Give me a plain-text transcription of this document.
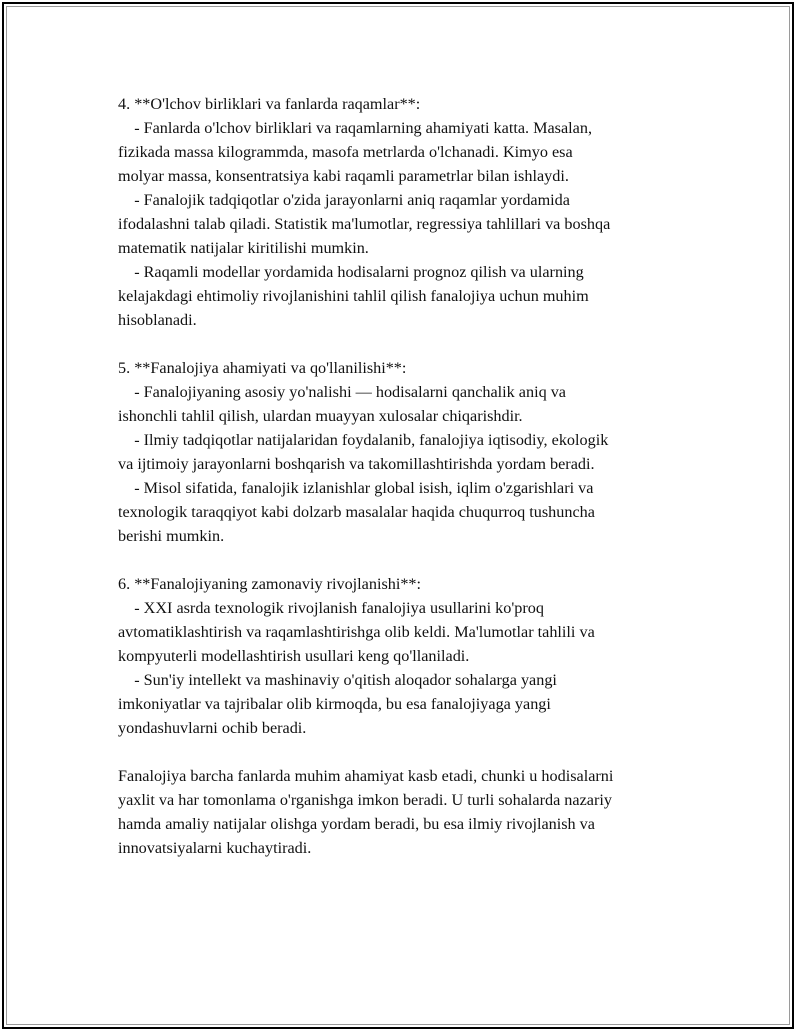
4. **O'lchov birliklari va fanlarda raqamlar**:
- Fanlarda o'lchov birliklari va raqamlarning ahamiyati katta. Masalan,
fizikada massa kilogrammda, masofa metrlarda o'lchanadi. Kimyo esa
molyar massa, konsentratsiya kabi raqamli parametrlar bilan ishlaydi.
- Fanalojik tadqiqotlar o'zida jarayonlarni aniq raqamlar yordamida
ifodalashni talab qiladi. Statistik ma'lumotlar, regressiya tahlillari va boshqa
matematik natijalar kiritilishi mumkin.
- Raqamli modellar yordamida hodisalarni prognoz qilish va ularning
kelajakdagi ehtimoliy rivojlanishini tahlil qilish fanalojiya uchun muhim
hisoblanadi.
5. **Fanalojiya ahamiyati va qo'llanilishi**:
- Fanalojiyaning asosiy yo'nalishi — hodisalarni qanchalik aniq va
ishonchli tahlil qilish, ulardan muayyan xulosalar chiqarishdir.
- Ilmiy tadqiqotlar natijalaridan foydalanib, fanalojiya iqtisodiy, ekologik
va ijtimoiy jarayonlarni boshqarish va takomillashtirishda yordam beradi.
- Misol sifatida, fanalojik izlanishlar global isish, iqlim o'zgarishlari va
texnologik taraqqiyot kabi dolzarb masalalar haqida chuqurroq tushuncha
berishi mumkin.
6. **Fanalojiyaning zamonaviy rivojlanishi**:
- XXI asrda texnologik rivojlanish fanalojiya usullarini ko'proq
avtomatiklashtirish va raqamlashtirishga olib keldi. Ma'lumotlar tahlili va
kompyuterli modellashtirish usullari keng qo'llaniladi.
- Sun'iy intellekt va mashinaviy o'qitish aloqador sohalarga yangi
imkoniyatlar va tajribalar olib kirmoqda, bu esa fanalojiyaga yangi
yondashuvlarni ochib beradi.
Fanalojiya barcha fanlarda muhim ahamiyat kasb etadi, chunki u hodisalarni
yaxlit va har tomonlama o'rganishga imkon beradi. U turli sohalarda nazariy
hamda amaliy natijalar olishga yordam beradi, bu esa ilmiy rivojlanish va
innovatsiyalarni kuchaytiradi.
